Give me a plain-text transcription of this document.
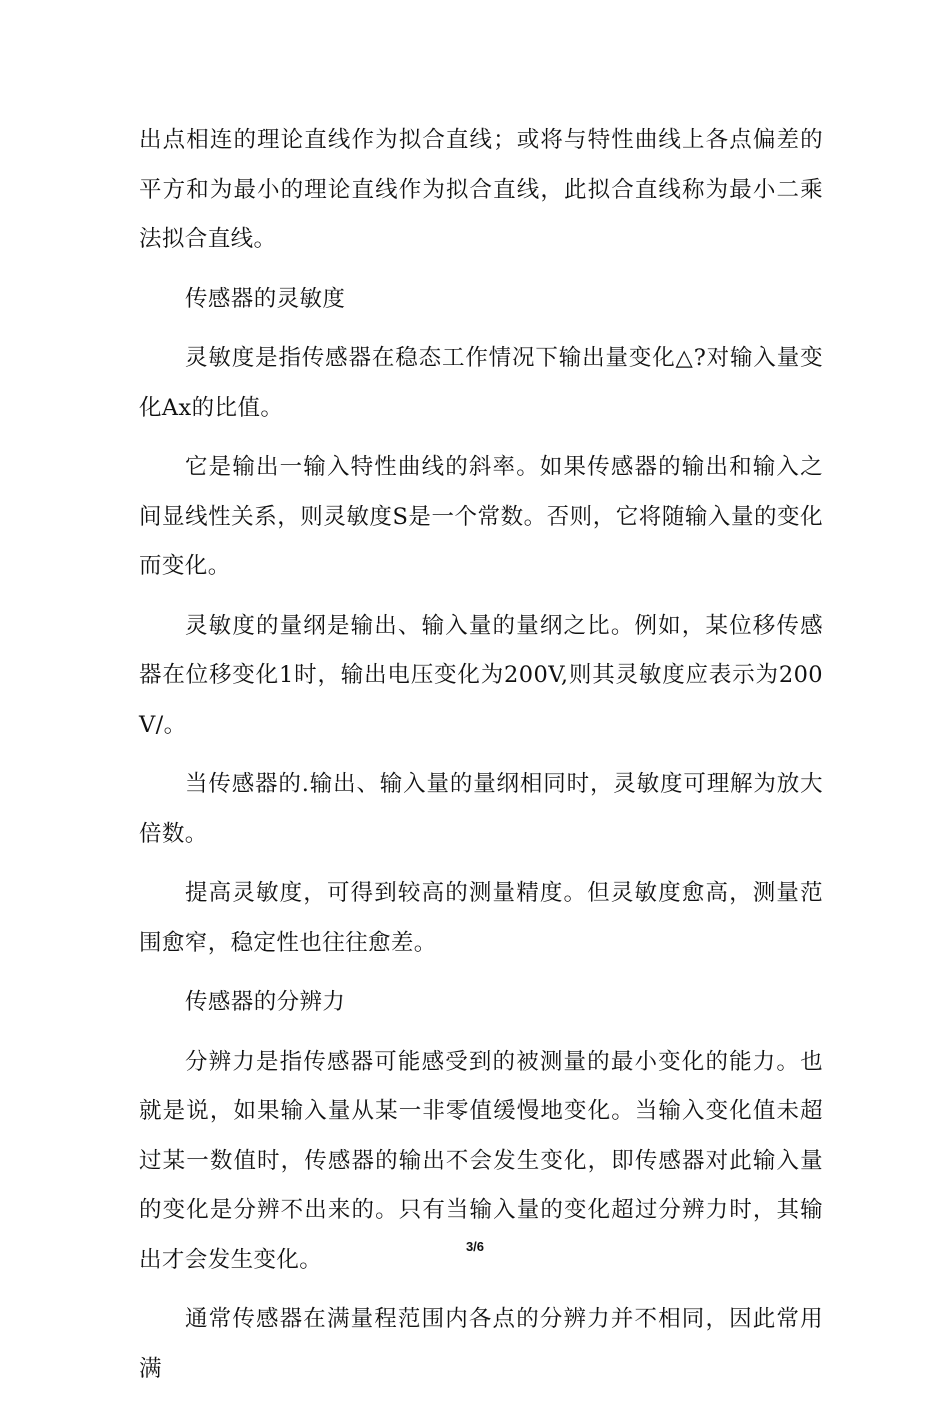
出点相连的理论直线作为拟合直线；或将与特性曲线上各点偏差的平方和为最小的理论直线作为拟合直线，此拟合直线称为最小二乘法拟合直线。

传感器的灵敏度

灵敏度是指传感器在稳态工作情况下输出量变化△?对输入量变化Ax的比值。

它是输出一输入特性曲线的斜率。如果传感器的输出和输入之间显线性关系，则灵敏度S是一个常数。否则，它将随输入量的变化而变化。

灵敏度的量纲是输出、输入量的量纲之比。例如，某位移传感器在位移变化1时，输出电压变化为200V,则其灵敏度应表示为200V/。

当传感器的.输出、输入量的量纲相同时，灵敏度可理解为放大倍数。

提高灵敏度，可得到较高的测量精度。但灵敏度愈高，测量范围愈窄，稳定性也往往愈差。

传感器的分辨力

分辨力是指传感器可能感受到的被测量的最小变化的能力。也就是说，如果输入量从某一非零值缓慢地变化。当输入变化值未超过某一数值时，传感器的输出不会发生变化，即传感器对此输入量的变化是分辨不出来的。只有当输入量的变化超过分辨力时，其输出才会发生变化。

通常传感器在满量程范围内各点的分辨力并不相同，因此常用满

3/6
